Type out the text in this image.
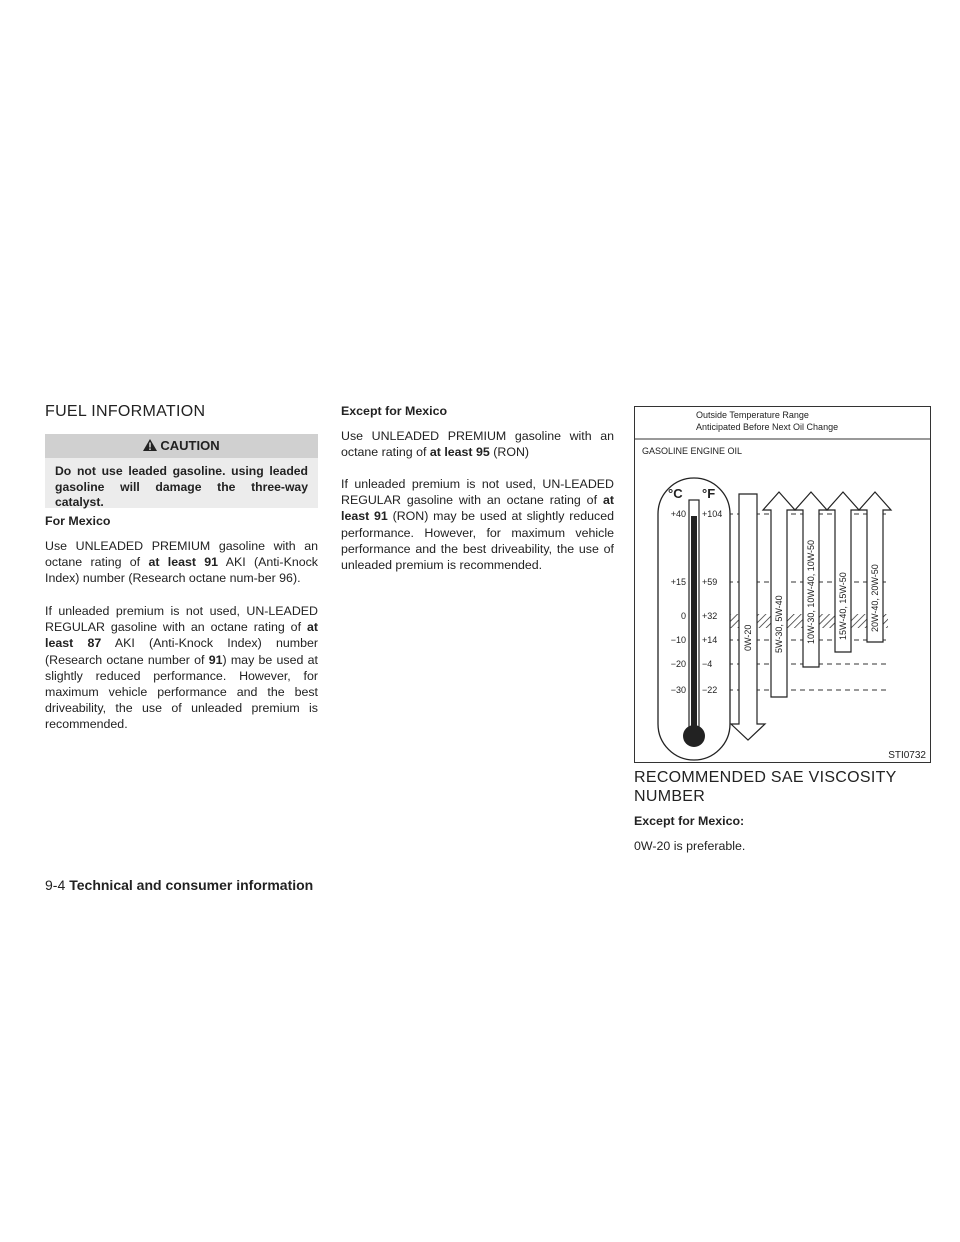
FUEL INFORMATION
CAUTION
Do not use leaded gasoline. using leaded gasoline will damage the three-way catalyst.
For Mexico

Use UNLEADED PREMIUM gasoline with an octane rating of at least 91 AKI (Anti-Knock Index) number (Research octane num-ber 96).

If unleaded premium is not used, UN-LEADED REGULAR gasoline with an octane rating of at least 87 AKI (Anti-Knock Index) number (Research octane number of 91) may be used at slightly reduced performance. However, for maximum vehicle performance and the best driveability, the use of unleaded premium is recommended.

Except for Mexico

Use UNLEADED PREMIUM gasoline with an octane rating of at least 95 (RON)

If unleaded premium is not used, UN-LEADED REGULAR gasoline with an octane rating of at least 91 (RON) may be used at slightly reduced performance. However, for maximum vehicle performance and the best driveability, the use of unleaded premium is recommended.

Outside Temperature Range
Anticipated Before Next Oil Change
GASOLINE ENGINE OIL
°C °F
+40
+15
0
−10
−20
−30
+104
+59
+32
+14
−4
−22
0W-20 5W-30, 5W-40 10W-30, 10W-40, 10W-50 15W-40, 15W-50 20W-40, 20W-50
STI0732
RECOMMENDED SAE VISCOSITY
NUMBER
Except for Mexico:
0W-20 is preferable.
9-4 Technical and consumer information
